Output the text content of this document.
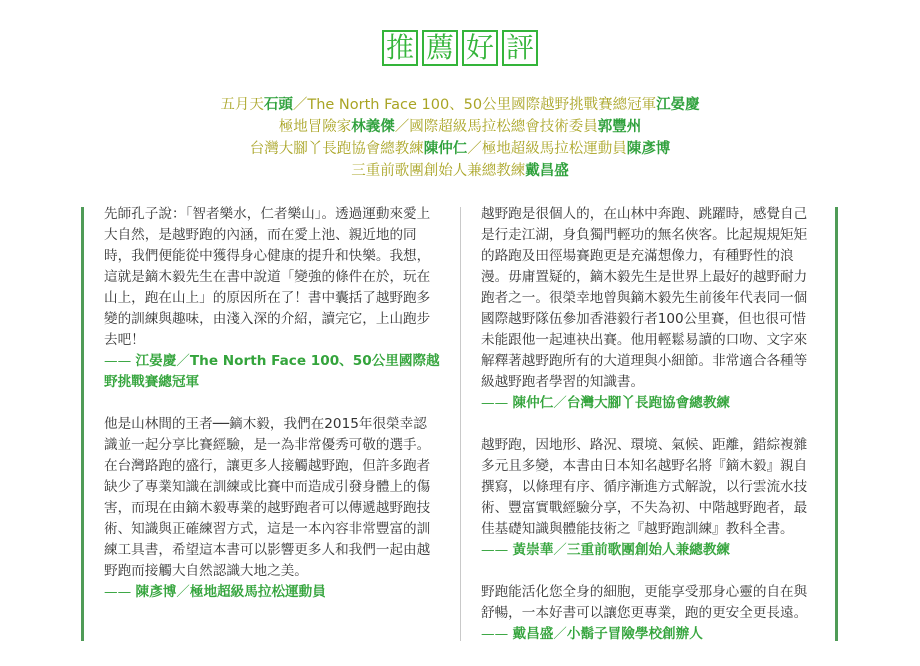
推 薦 好 評
五月天石頭／The North Face 100、50公里國際越野挑戰賽總冠軍江晏慶
極地冒險家林義傑／國際超級馬拉松總會技術委員郭豐州
台灣大腳丫長跑協會總教練陳仲仁／極地超級馬拉松運動員陳彥博
三重前歌團創始人兼總教練戴昌盛

先師孔子說：「智者樂水，仁者樂山」。透過運動來愛上大自然，是越野跑的內涵，而在愛上池、親近地的同時，我們便能從中獲得身心健康的提升和快樂。我想，這就是鏑木毅先生在書中說道「變強的條件在於，玩在山上，跑在山上」的原因所在了！書中囊括了越野跑多變的訓練與趣味，由淺入深的介紹，讀完它，上山跑步去吧！

—— 江晏慶／The North Face 100、50公里國際越野挑戰賽總冠軍

他是山林間的王者──鏑木毅，我們在2015年很榮幸認識並一起分享比賽經驗，是一為非常優秀可敬的選手。在台灣路跑的盛行，讓更多人接觸越野跑，但許多跑者缺少了專業知識在訓練或比賽中而造成引發身體上的傷害，而現在由鏑木毅專業的越野跑者可以傳遞越野跑技術、知識與正確練習方式，這是一本內容非常豐富的訓練工具書，希望這本書可以影響更多人和我們一起由越野跑而接觸大自然認識大地之美。

—— 陳彥博／極地超級馬拉松運動員

越野跑是很個人的，在山林中奔跑、跳躍時，感覺自己是行走江湖，身負獨門輕功的無名俠客。比起規規矩矩的路跑及田徑場賽跑更是充滿想像力，有種野性的浪漫。毋庸置疑的，鏑木毅先生是世界上最好的越野耐力跑者之一。很榮幸地曾與鏑木毅先生前後年代表同一個國際越野隊伍參加香港毅行者100公里賽，但也很可惜未能跟他一起連袂出賽。他用輕鬆易讀的口吻、文字來解釋著越野跑所有的大道理與小細節。非常適合各種等級越野跑者學習的知識書。

—— 陳仲仁／台灣大腳丫長跑協會總教練

越野跑，因地形、路況、環境、氣候、距離，錯綜複雜多元且多變，本書由日本知名越野名將『鏑木毅』親自撰寫，以條理有序、循序漸進方式解說，以行雲流水技術、豐富實戰經驗分享，不失為初、中階越野跑者，最佳基礎知識與體能技術之『越野跑訓練』教科全書。

—— 黃崇華／三重前歌團創始人兼總教練

野跑能活化您全身的細胞，更能享受那身心靈的自在與舒暢，一本好書可以讓您更專業，跑的更安全更長遠。

—— 戴昌盛／小鬍子冒險學校創辦人
